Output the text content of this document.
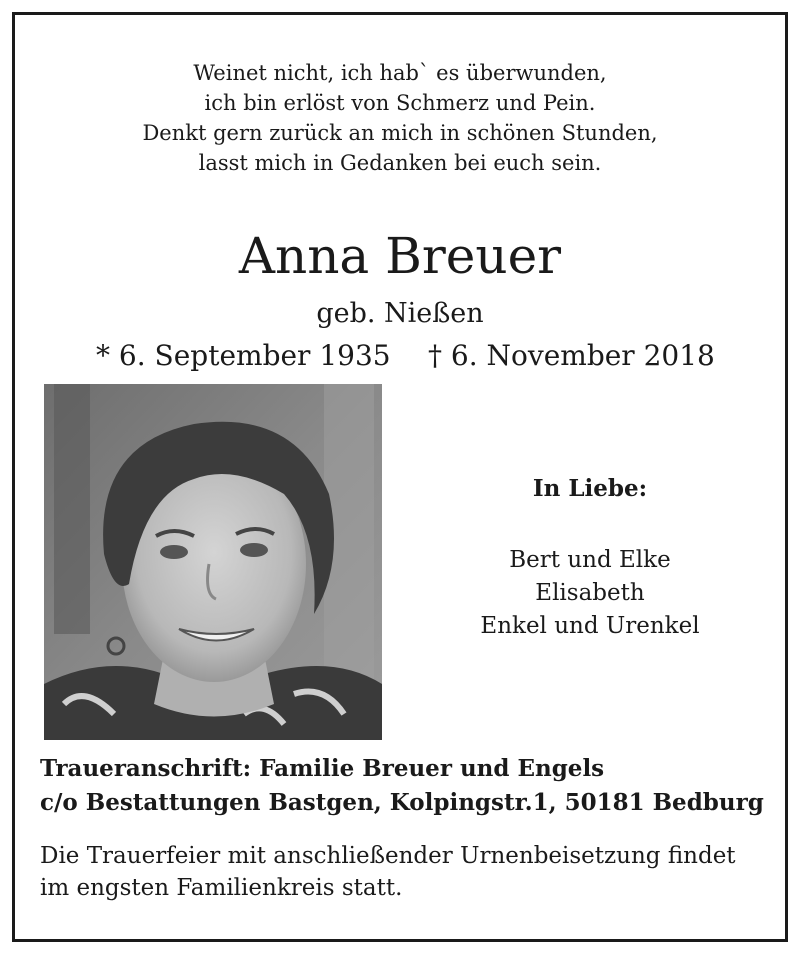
Weinet nicht, ich hab` es überwunden,
ich bin erlöst von Schmerz und Pein.
Denkt gern zurück an mich in schönen Stunden,
lasst mich in Gedanken bei euch sein.
Anna Breuer
geb. Nießen
* 6. September 1935 † 6. November 2018
In Liebe:
Bert und Elke
Elisabeth
Enkel und Urenkel
Traueranschrift: Familie Breuer und Engels
c/o Bestattungen Bastgen, Kolpingstr.1, 50181 Bedburg
Die Trauerfeier mit anschließender Urnenbeisetzung findet
im engsten Familienkreis statt.
